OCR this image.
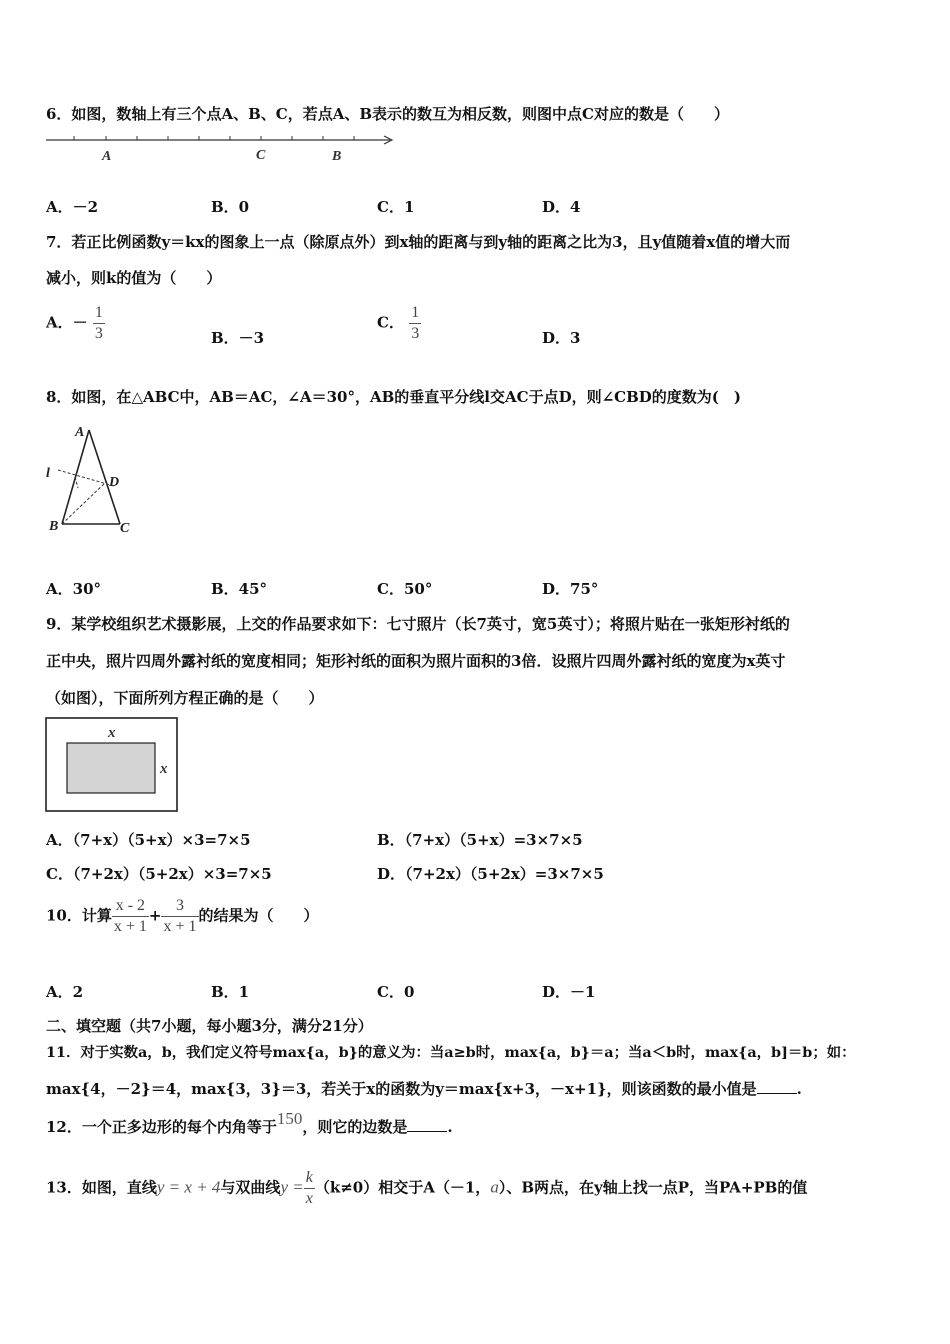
6．如图，数轴上有三个点A、B、C，若点A、B表示的数互为相反数，则图中点C对应的数是（　　）
A	C	B
A．－2	B．0	C．1	D．4
7．若正比例函数y＝kx的图象上一点（除原点外）到x轴的距离与到y轴的距离之比为3，且y值随着x值的增大而
减小，则k的值为（　　）
A．－ $\frac{1}{3}$	B．－3
C． $\frac{1}{3}$	D．3
8．如图，在△ABC中，AB＝AC，∠A＝30°，AB的垂直平分线l交AC于点D，则∠CBD的度数为(　)
A
l
D
B	C
A．30°	B．45°	C．50°	D．75°
9．某学校组织艺术摄影展，上交的作品要求如下：七寸照片（长7英寸，宽5英寸）；将照片贴在一张矩形衬纸的
正中央，照片四周外露衬纸的宽度相同；矩形衬纸的面积为照片面积的3倍．设照片四周外露衬纸的宽度为x英寸
（如图），下面所列方程正确的是（　　）
x
x
A．（7+x）（5+x）×3=7×5	B．（7+x）（5+x）=3×7×5
C．（7+2x）（5+2x）×3=7×5	D．（7+2x）（5+2x）=3×7×5
10．计算 $\frac{x - 2}{x + 1} + \frac{3}{x + 1}$ 的结果为（　　）
A．2	B．1	C．0	D．－1
二、填空题（共7小题，每小题3分，满分21分）
11．对于实数a，b，我们定义符号max{a，b}的意义为：当a≥b时，max{a，b}＝a；当a＜b时，max{a，b]＝b；如：
max{4，－2}＝4，max{3，3}＝3，若关于x的函数为y＝max{x+3，－x+1}，则该函数的最小值是	.
12．一个正多边形的每个内角等于150，则它的边数是	.
13．如图，直线y = x + 4与双曲线$y = \frac{k}{x} (k\ne 0)$相交于A（－1，a）、B两点，在y轴上找一点P，当PA+PB的值
